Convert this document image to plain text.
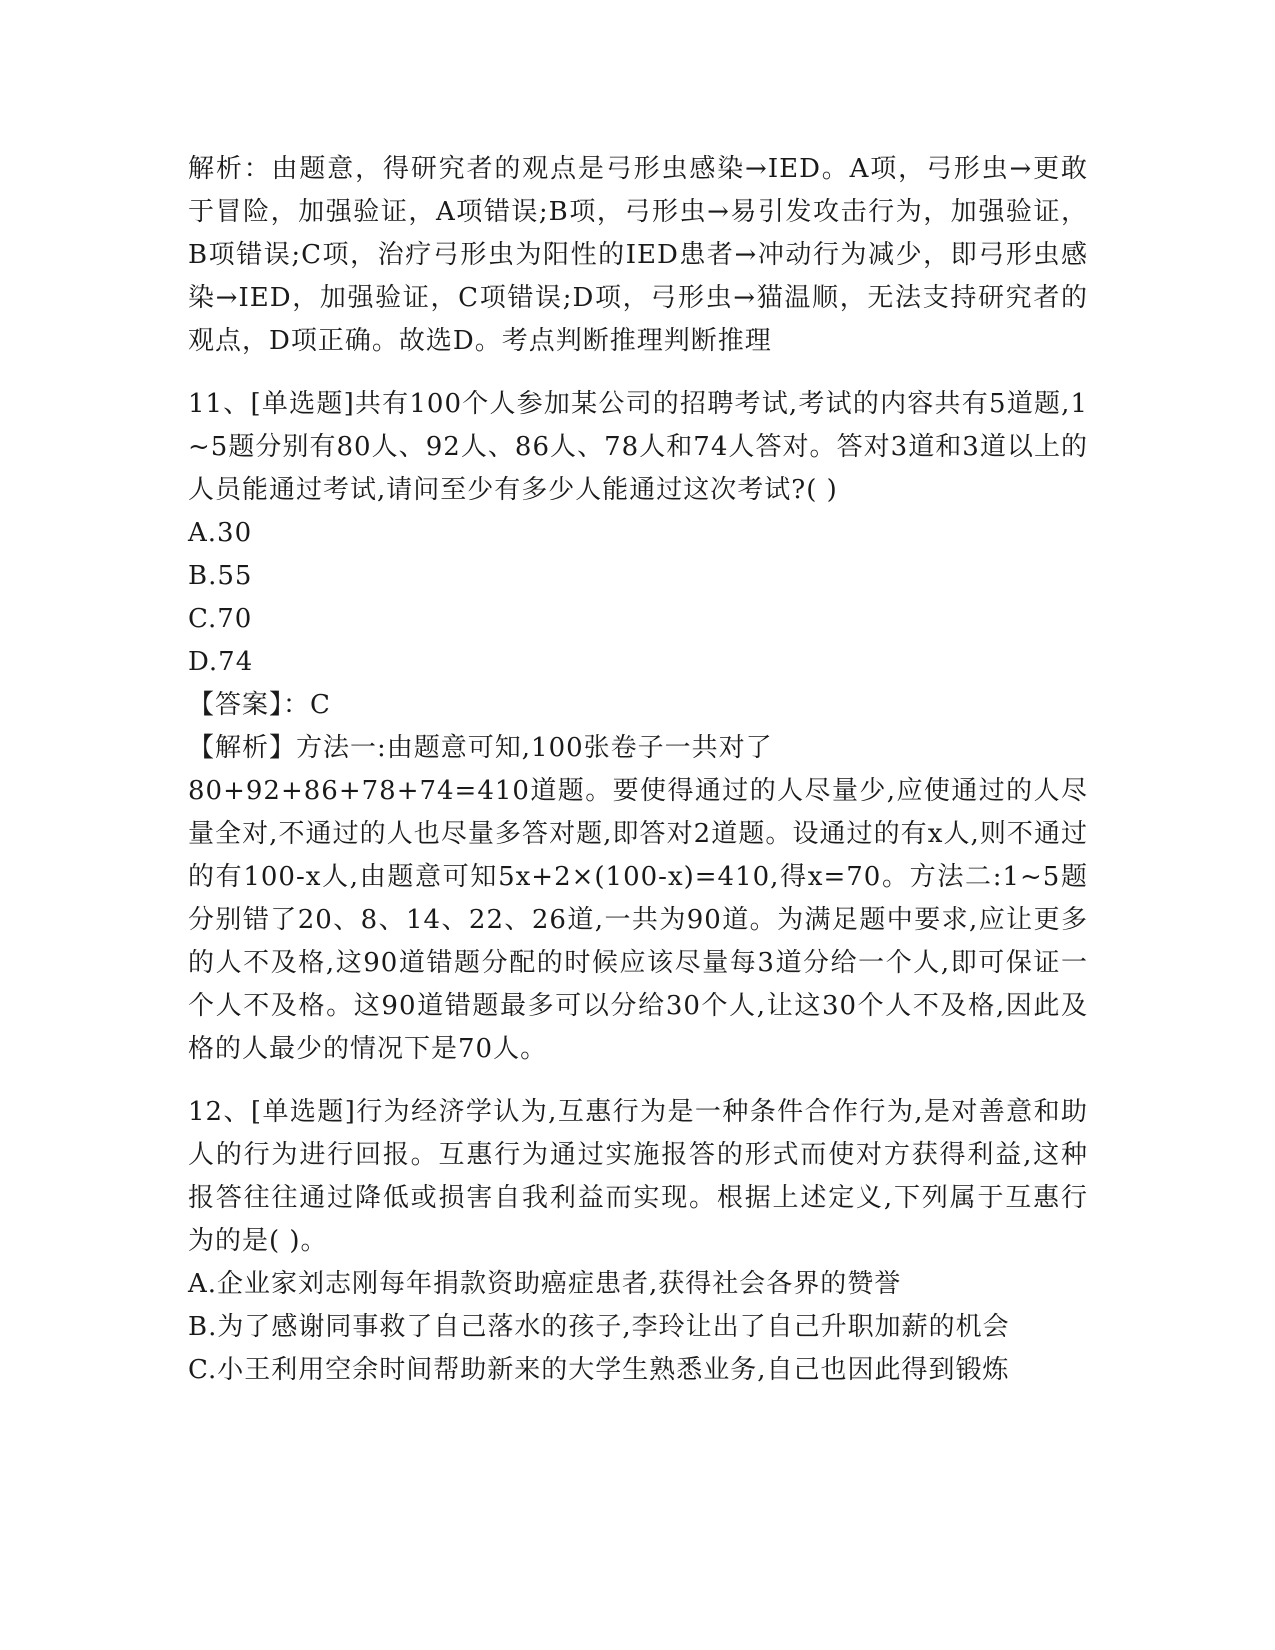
解析：由题意，得研究者的观点是弓形虫感染→IED。A项，弓形虫→更敢于冒险，加强验证，A项错误;B项，弓形虫→易引发攻击行为，加强验证，B项错误;C项，治疗弓形虫为阳性的IED患者→冲动行为减少，即弓形虫感染→IED，加强验证，C项错误;D项，弓形虫→猫温顺，无法支持研究者的观点，D项正确。故选D。考点判断推理判断推理

11、[单选题]共有100个人参加某公司的招聘考试,考试的内容共有5道题,1~5题分别有80人、92人、86人、78人和74人答对。答对3道和3道以上的人员能通过考试,请问至少有多少人能通过这次考试?( )

A.30

B.55

C.70

D.74

【答案】：C

【解析】方法一:由题意可知,100张卷子一共对了

80+92+86+78+74=410道题。要使得通过的人尽量少,应使通过的人尽量全对,不通过的人也尽量多答对题,即答对2道题。设通过的有x人,则不通过的有100-x人,由题意可知5x+2×(100-x)=410,得x=70。方法二:1~5题分别错了20、8、14、22、26道,一共为90道。为满足题中要求,应让更多的人不及格,这90道错题分配的时候应该尽量每3道分给一个人,即可保证一个人不及格。这90道错题最多可以分给30个人,让这30个人不及格,因此及格的人最少的情况下是70人。

12、[单选题]行为经济学认为,互惠行为是一种条件合作行为,是对善意和助人的行为进行回报。互惠行为通过实施报答的形式而使对方获得利益,这种报答往往通过降低或损害自我利益而实现。根据上述定义,下列属于互惠行为的是( )。

A.企业家刘志刚每年捐款资助癌症患者,获得社会各界的赞誉

B.为了感谢同事救了自己落水的孩子,李玲让出了自己升职加薪的机会

C.小王利用空余时间帮助新来的大学生熟悉业务,自己也因此得到锻炼
